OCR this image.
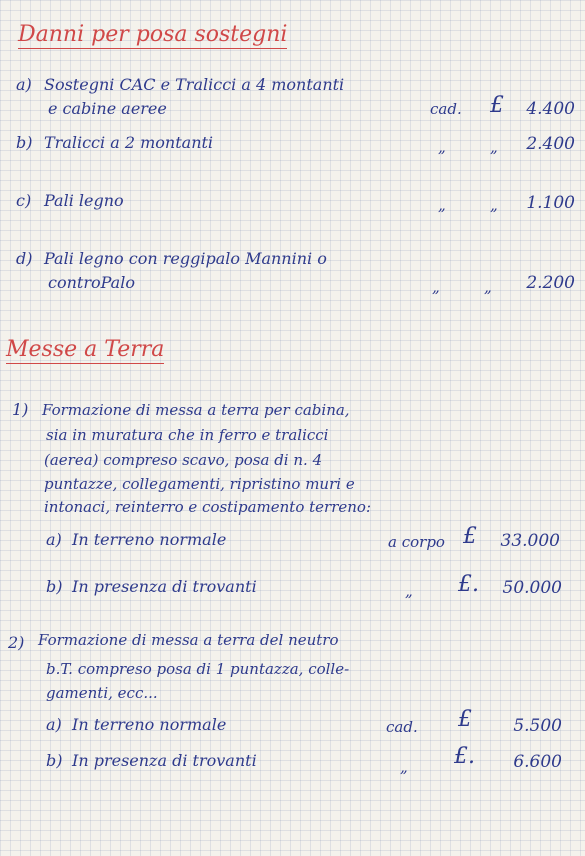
Danni per posa sostegni
a) Sostegni CAC e Tralicci a 4 montanti
e cabine aeree	cad. £	4.400
b) Tralicci a 2 montanti	„	„	2.400
c) Pali legno	„	„	1.100
d) Pali legno con reggipalo Mannini o
controPalo	„	„	2.200
Messe a Terra
1) Formazione di messa a terra per cabina,
sia in muratura che in ferro e tralicci
(aerea) compreso scavo, posa di n. 4
puntazze, collegamenti, ripristino muri e
intonaci, reinterro e costipamento terreno:
a) In terreno normale	a corpo £	33.000
b) In presenza di trovanti	„ £.	50.000
2) Formazione di messa a terra del neutro
b.T. compreso posa di 1 puntazza, colle-
gamenti, ecc...
a) In terreno normale	cad. £	5.500
b) In presenza di trovanti	„ £.	6.600
